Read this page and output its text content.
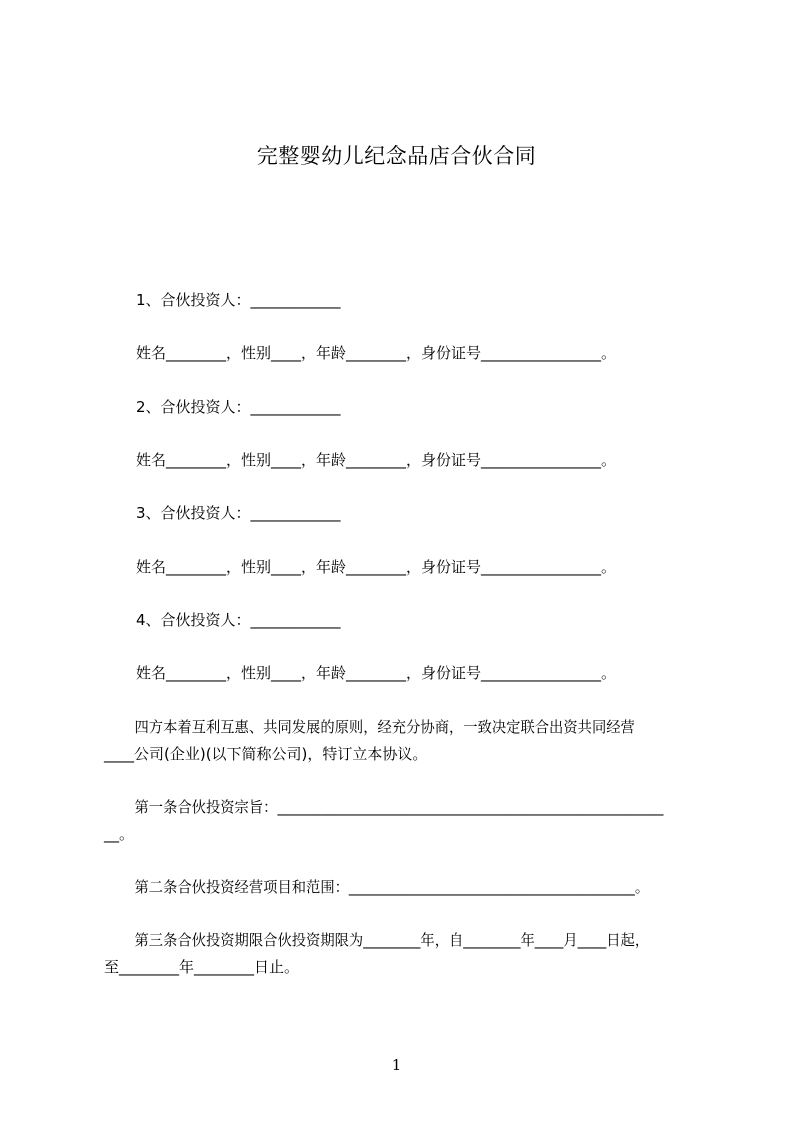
完整婴幼儿纪念品店合伙合同

1、合伙投资人：____________

姓名________，性别____，年龄________，身份证号________________。

2、合伙投资人：____________

姓名________，性别____，年龄________，身份证号________________。

3、合伙投资人：____________

姓名________，性别____，年龄________，身份证号________________。

4、合伙投资人：____________

姓名________，性别____，年龄________，身份证号________________。

四方本着互利互惠、共同发展的原则，经充分协商，一致决定联合出资共同经营

____公司(企业)(以下简称公司)，特订立本协议。

第一条合伙投资宗旨：______________________________________________________

__。

第二条合伙投资经营项目和范围：________________________________________。

第三条合伙投资期限合伙投资期限为________年，自________年____月____日起，

至________年________日止。

1
